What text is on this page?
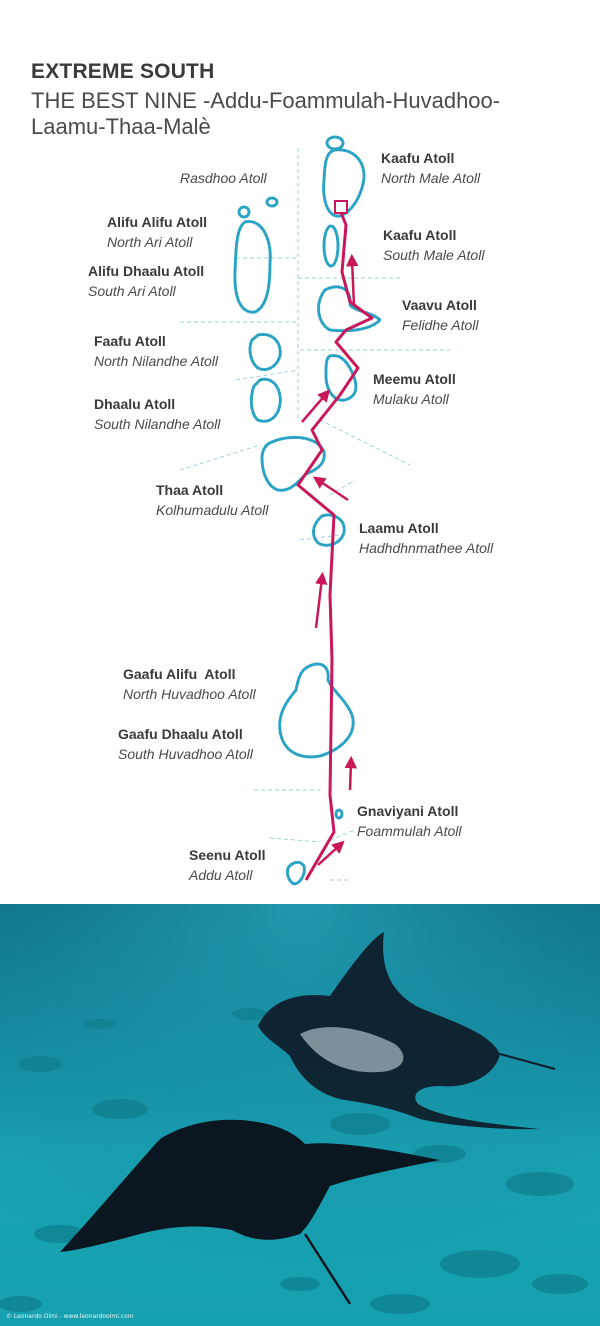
EXTREME SOUTH
THE BEST NINE -Addu-Foammulah-Huvadhoo-
Laamu-Thaa-Malè
Rasdhoo Atoll
Kaafu Atoll
North Male Atoll
Alifu Alifu Atoll
North Ari Atoll	Kaafu Atoll
South Male Atoll
Alifu Dhaalu Atoll
South Ari Atoll
Vaavu Atoll
Felidhe Atoll
Faafu Atoll
North Nilandhe Atoll
Meemu Atoll
Mulaku Atoll
Dhaalu Atoll
South Nilandhe Atoll
Thaa Atoll
Kolhumadulu Atoll
Laamu Atoll
Hadhdhnmathee Atoll
Gaafu Alifu  Atoll
North Huvadhoo Atoll
Gaafu Dhaalu Atoll
South Huvadhoo Atoll
Gnaviyani Atoll
Foammulah Atoll
Seenu Atoll
Addu Atoll
© Leonardo Olmi - www.leonardoolmi.com
